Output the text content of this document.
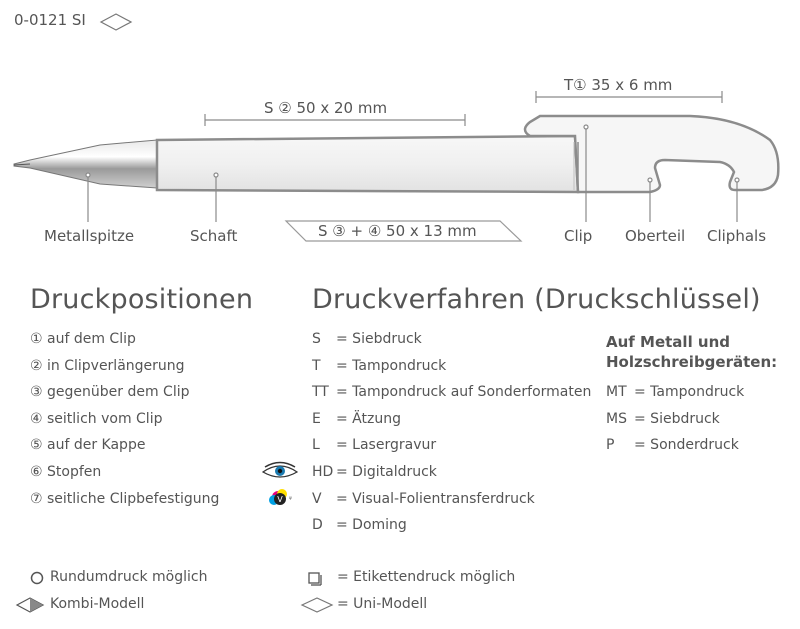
0-0121 SI
V ψ
T① 35 x 6 mm
S ② 50 x 20 mm
S ③ + ④ 50 x 13 mm
Metallspitze	Schaft	Clip Oberteil Cliphals
Druckpositionen
① auf dem Clip
② in Clipverlängerung
③ gegenüber dem Clip
④ seitlich vom Clip
⑤ auf der Kappe
⑥ Stopfen
⑦ seitliche Clipbefestigung
Druckverfahren (Druckschlüssel)
S = Siebdruck
T = Tampondruck
TT = Tampondruck auf Sonderformaten
E = Ätzung
L = Lasergravur
HD = Digitaldruck
V = Visual-Folientransferdruck
D = Doming
Auf Metall und
Holzschreibgeräten:
MT = Tampondruck
MS = Siebdruck
P = Sonderdruck
Rundumdruck möglich
Kombi-Modell
= Etikettendruck möglich
= Uni-Modell
